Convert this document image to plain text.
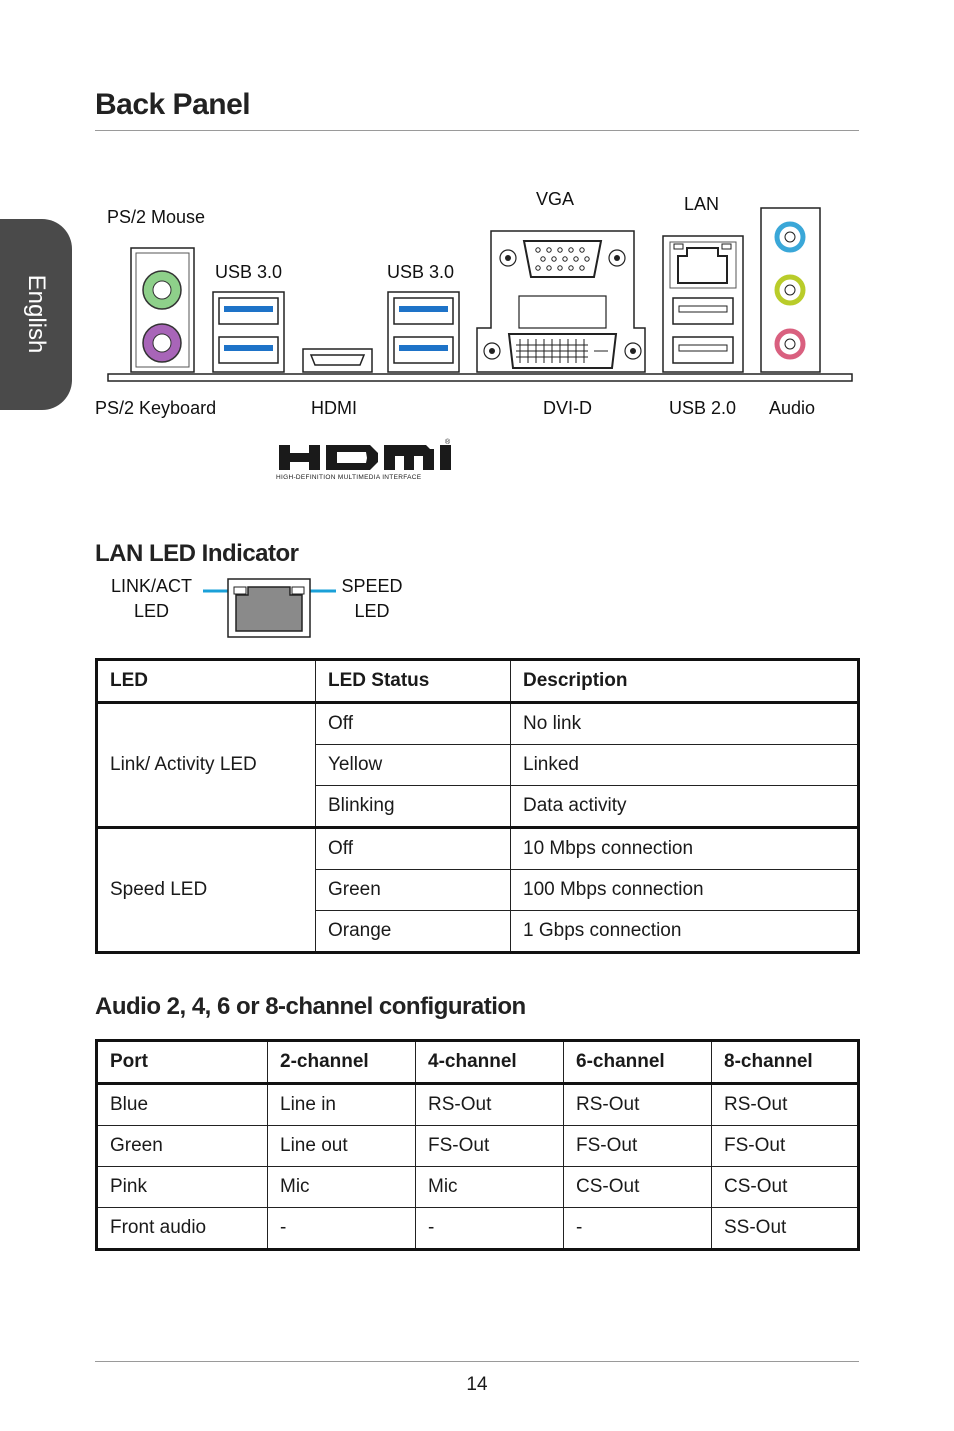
English
Back Panel
PS/2 Mouse
USB 3.0	USB 3.0
VGA	LAN
PS/2 Keyboard	HDMI	DVI-D	USB 2.0 Audio
®
HIGH-DEFINITION MULTIMEDIA INTERFACE
LAN LED Indicator
LINK/ACT
LED
SPEED
LED
LED	LED Status	Description
Link/ Activity LED	Off	No link
	Yellow	Linked
	Blinking	Data activity
Speed LED	Off	10 Mbps connection
	Green	100 Mbps connection
	Orange	1 Gbps connection
Audio 2, 4, 6 or 8-channel configuration
Port	2-channel	4-channel	6-channel	8-channel
Blue	Line in	RS-Out	RS-Out	RS-Out
Green	Line out	FS-Out	FS-Out	FS-Out
Pink	Mic	Mic	CS-Out	CS-Out
Front audio	-	-	-	SS-Out
14
